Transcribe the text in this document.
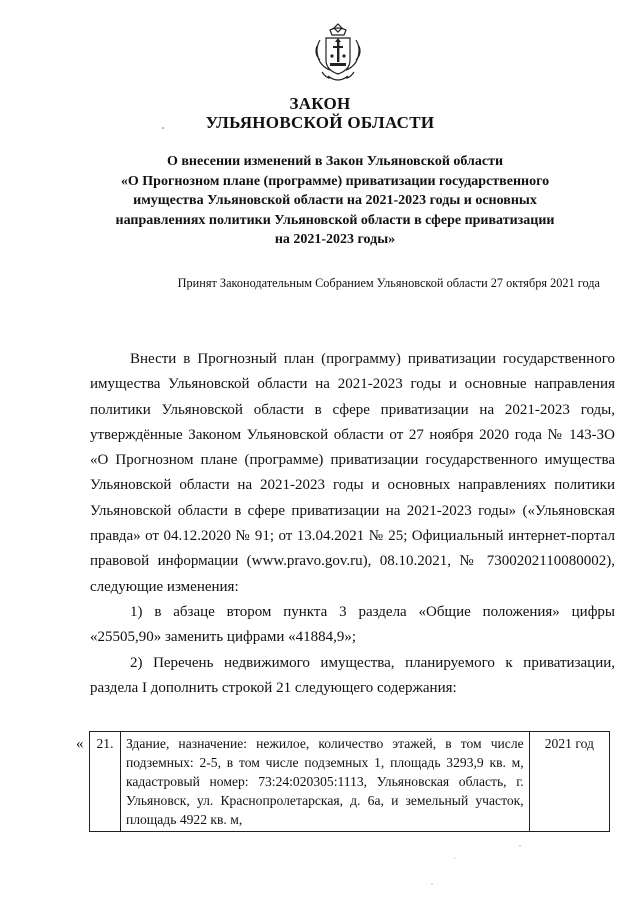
ЗАКОН
УЛЬЯНОВСКОЙ ОБЛАСТИ
О внесении изменений в Закон Ульяновской области
«О Прогнозном плане (программе) приватизации государственного
имущества Ульяновской области на 2021-2023 годы и основных
направлениях политики Ульяновской области в сфере приватизации
на 2021-2023 годы»
Принят Законодательным Собранием Ульяновской области 27 октября 2021 года

Внести в Прогнозный план (программу) приватизации государственного имущества Ульяновской области на 2021-2023 годы и основные направления политики Ульяновской области в сфере приватизации на 2021-2023 годы, утверждённые Законом Ульяновской области от 27 ноября 2020 года № 143-ЗО «О Прогнозном плане (программе) приватизации государственного имущества Ульяновской области на 2021-2023 годы и основных направлениях политики Ульяновской области в сфере приватизации на 2021-2023 годы» («Ульяновская правда» от 04.12.2020 № 91; от 13.04.2021 № 25; Официальный интернет-портал правовой информации (www.pravo.gov.ru), 08.10.2021, № 7300202110080002), следующие изменения:

1) в абзаце втором пункта 3 раздела «Общие положения» цифры «25505,90» заменить цифрами «41884,9»;

2) Перечень недвижимого имущества, планируемого к приватизации, раздела I дополнить строкой 21 следующего содержания:

« 21.	Здание, назначение: нежилое, количество этажей, в том числе подземных: 2-5, в том числе подземных 1, площадь 3293,9 кв. м, кадастровый номер: 73:24:020305:1113, Ульяновская область, г. Ульяновск, ул. Краснопролетарская, д. 6а, и земельный участок, площадь 4922 кв. м,	2021 год
